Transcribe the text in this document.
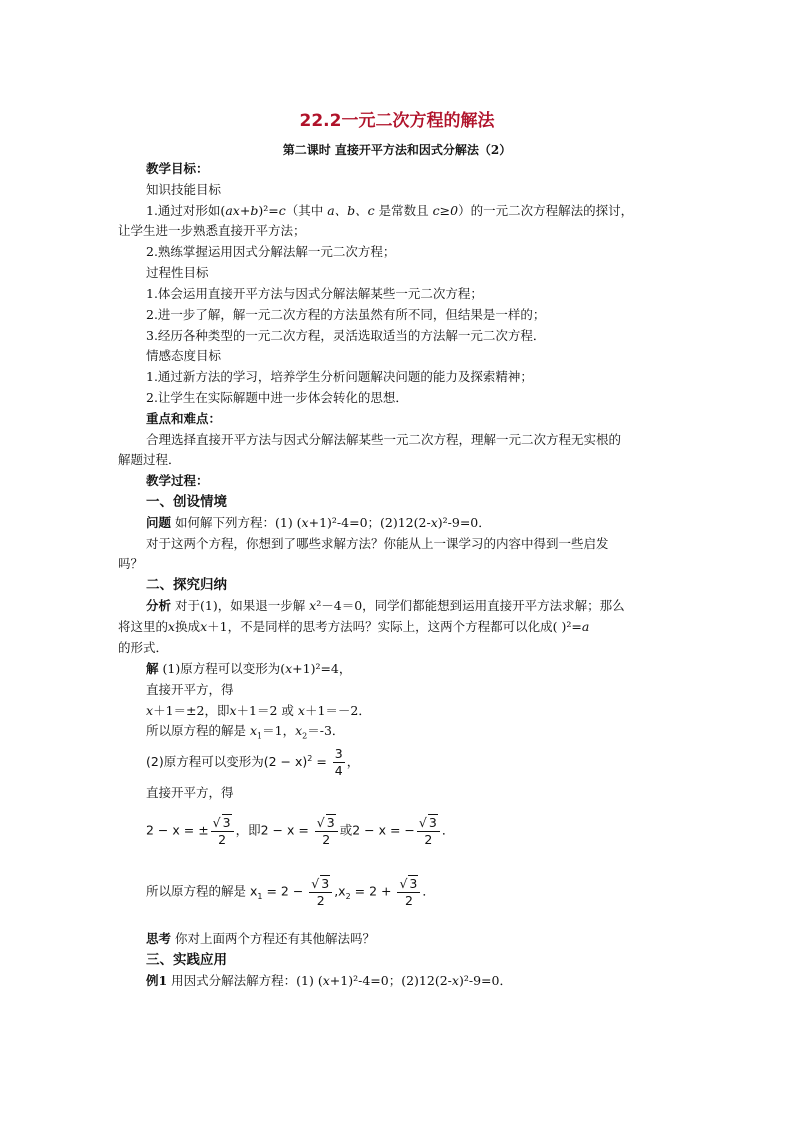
22.2一元二次方程的解法
第二课时 直接开平方法和因式分解法（2）
教学目标：
知识技能目标
1.通过对形如(ax+b)²=c（其中 a、b、c 是常数且 c≥0）的一元二次方程解法的探讨，
让学生进一步熟悉直接开平方法；
2.熟练掌握运用因式分解法解一元二次方程；
过程性目标
1.体会运用直接开平方法与因式分解法解某些一元二次方程；
2.进一步了解，解一元二次方程的方法虽然有所不同，但结果是一样的；
3.经历各种类型的一元二次方程，灵活选取适当的方法解一元二次方程．
情感态度目标
1.通过新方法的学习，培养学生分析问题解决问题的能力及探索精神；
2.让学生在实际解题中进一步体会转化的思想．
重点和难点：
合理选择直接开平方法与因式分解法解某些一元二次方程，理解一元二次方程无实根的
解题过程．
教学过程：
一、创设情境
问题 如何解下列方程：(1) (x+1)²-4=0；(2)12(2-x)²-9=0．
对于这两个方程，你想到了哪些求解方法？你能从上一课学习的内容中得到一些启发
吗？
二、探究归纳
分析 对于(1)，如果退一步解 x²－4＝0，同学们都能想到运用直接开平方法求解；那么
将这里的x换成x＋1，不是同样的思考方法吗？实际上，这两个方程都可以化成( )²=a
的形式．
解 (1)原方程可以变形为(x+1)²=4，
直接开平方，得
x＋1＝±2，即x＋1＝2 或 x＋1＝－2．
所以原方程的解是 $x_1=1$，$x_2=-3$．
(2)原方程可以变形为$(2 - x)^2 = \frac{3}{4}$ ，
直接开平方，得
2 − x = ± $\frac{√ 3}{2}$ ，即$2 - x = \frac{√ 3}{2}$ 或2 − x = − $\frac{√ 3}{2}$ ．
所以原方程的解是 $x_1 = 2 - \frac{√ 3}{2} ,x_2 = 2 + \frac{√ 3}{2}$ ．
思考 你对上面两个方程还有其他解法吗？
三、实践应用
例1 用因式分解法解方程：(1) (x+1)²-4=0；(2)12(2-x)²-9=0．
